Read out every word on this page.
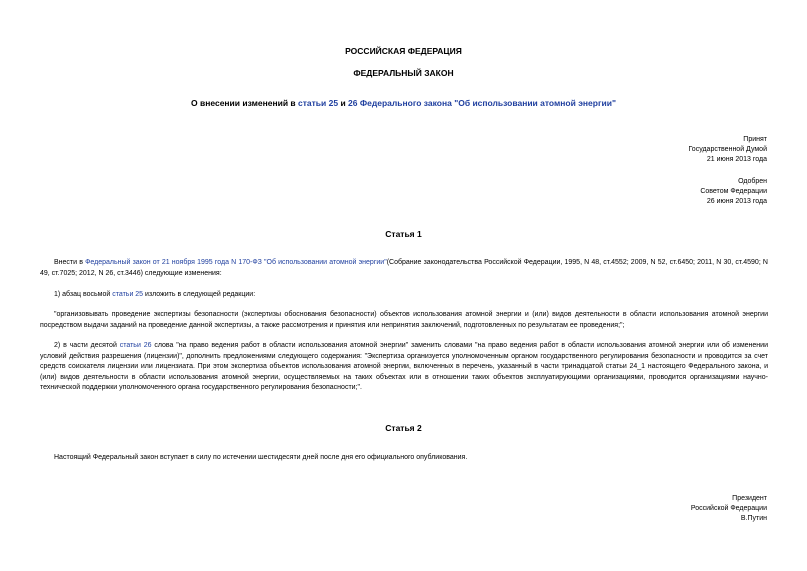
РОССИЙСКАЯ ФЕДЕРАЦИЯ
ФЕДЕРАЛЬНЫЙ ЗАКОН
О внесении изменений в статьи 25 и 26 Федерального закона "Об использовании атомной энергии"
Принят
Государственной Думой
21 июня 2013 года
Одобрен
Советом Федерации
26 июня 2013 года
Статья 1
Внести в Федеральный закон от 21 ноября 1995 года N 170-ФЗ "Об использовании атомной энергии"(Собрание законодательства Российской Федерации, 1995, N 48, ст.4552; 2009, N 52, ст.6450; 2011, N 30, ст.4590; N 49, ст.7025; 2012, N 26, ст.3446) следующие изменения:
1) абзац восьмой статьи 25 изложить в следующей редакции:
"организовывать проведение экспертизы безопасности (экспертизы обоснования безопасности) объектов использования атомной энергии и (или) видов деятельности в области использования атомной энергии посредством выдачи заданий на проведение данной экспертизы, а также рассмотрения и принятия или непринятия заключений, подготовленных по результатам ее проведения;";
2) в части десятой статьи 26 слова "на право ведения работ в области использования атомной энергии" заменить словами "на право ведения работ в области использования атомной энергии или об изменении условий действия разрешения (лицензии)", дополнить предложениями следующего содержания: "Экспертиза организуется уполномоченным органом государственного регулирования безопасности и проводится за счет средств соискателя лицензии или лицензиата. При этом экспертиза объектов использования атомной энергии, включенных в перечень, указанный в части тринадцатой статьи 24_1 настоящего Федерального закона, и (или) видов деятельности в области использования атомной энергии, осуществляемых на таких объектах или в отношении таких объектов эксплуатирующими организациями, проводится организациями научно-технической поддержки уполномоченного органа государственного регулирования безопасности;".
Статья 2
Настоящий Федеральный закон вступает в силу по истечении шестидесяти дней после дня его официального опубликования.
Президент
Российской Федерации
В.Путин
